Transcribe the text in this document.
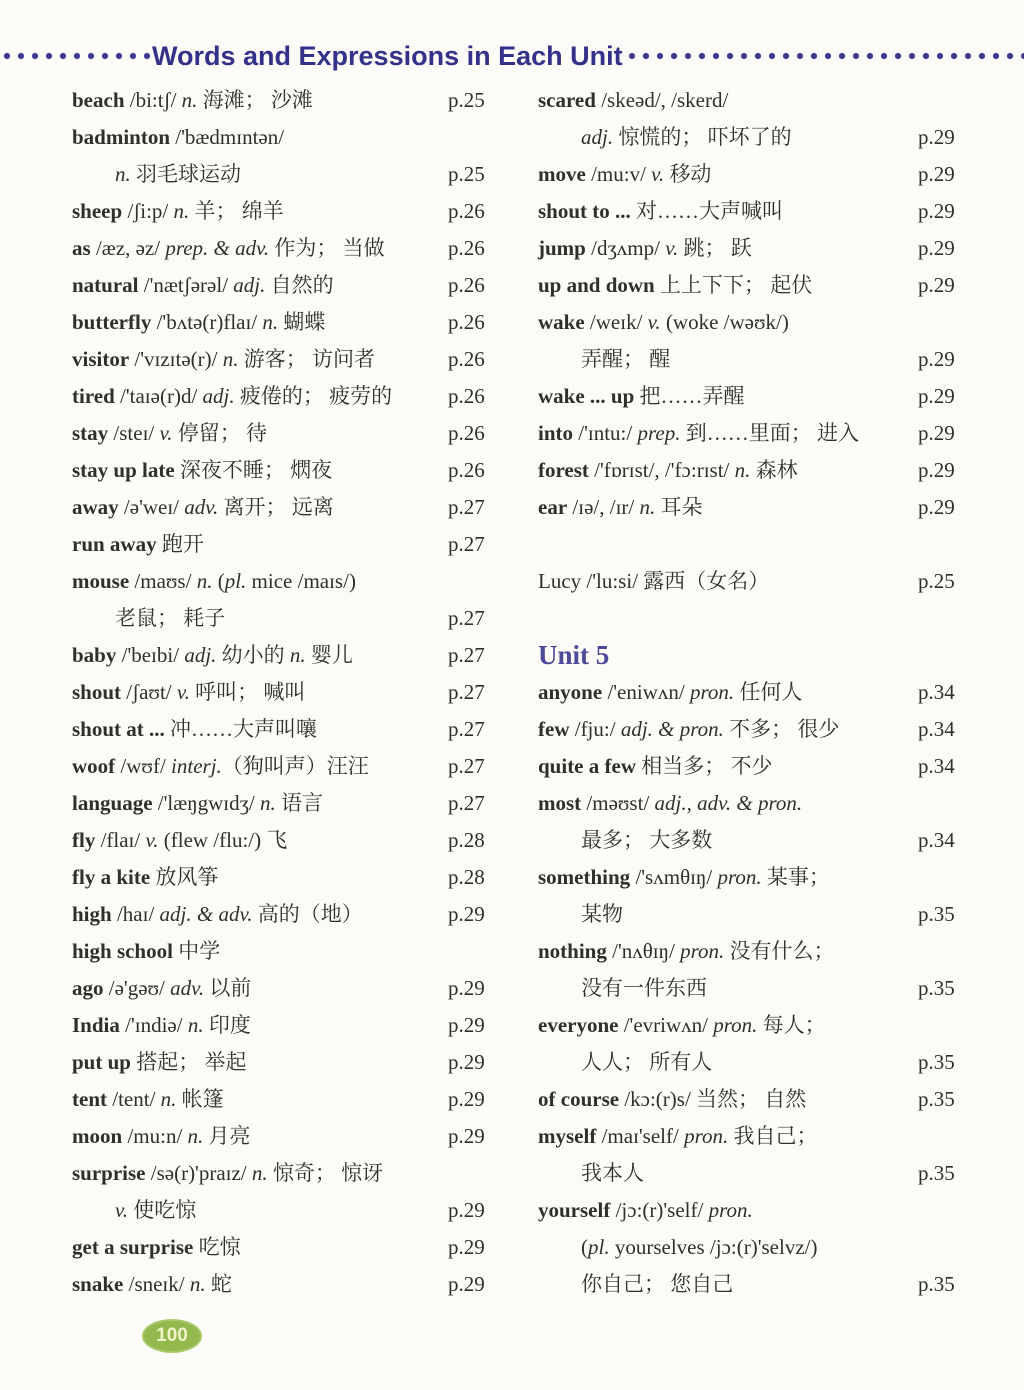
Words and Expressions in Each Unit
beach /bi:tʃ/ n. 海滩； 沙滩	p.25
badminton /'bædmɪntən/
n. 羽毛球运动	p.25
sheep /ʃi:p/ n. 羊； 绵羊	p.26
as /æz, əz/ prep. & adv. 作为； 当做	p.26
natural /'nætʃərəl/ adj. 自然的	p.26
butterfly /'bʌtə(r)flaɪ/ n. 蝴蝶	p.26
visitor /'vɪzɪtə(r)/ n. 游客； 访问者	p.26
tired /'taɪə(r)d/ adj. 疲倦的； 疲劳的	p.26
stay /steɪ/ v. 停留； 待	p.26
stay up late 深夜不睡； 熌夜	p.26
away /ə'weɪ/ adv. 离开； 远离	p.27
run away 跑开	p.27
mouse /maʊs/ n. (pl. mice /maɪs/)
老鼠； 耗子	p.27
baby /'beɪbi/ adj. 幼小的 n. 婴儿	p.27
shout /ʃaʊt/ v. 呼叫； 喊叫	p.27
shout at ... 冲……大声叫嚷	p.27
woof /wʊf/ interj.（狗叫声）汪汪	p.27
language /'læŋgwɪdʒ/ n. 语言	p.27
fly /flaɪ/ v. (flew /flu:/) 飞	p.28
fly a kite 放风筝	p.28
high /haɪ/ adj. & adv. 高的（地）	p.29
high school 中学
ago /ə'gəʊ/ adv. 以前	p.29
India /'ɪndiə/ n. 印度	p.29
put up 搭起； 举起	p.29
tent /tent/ n. 帐篷	p.29
moon /mu:n/ n. 月亮	p.29
surprise /sə(r)'praɪz/ n. 惊奇； 惊讶
v. 使吃惊	p.29
get a surprise 吃惊	p.29
snake /sneɪk/ n. 蛇	p.29
scared /skeəd/, /skerd/
adj. 惊慌的； 吓坏了的	p.29
move /mu:v/ v. 移动	p.29
shout to ... 对……大声喊叫	p.29
jump /dʒʌmp/ v. 跳； 跃	p.29
up and down 上上下下； 起伏	p.29
wake /weɪk/ v. (woke /wəʊk/)
弄醒； 醒	p.29
wake ... up 把……弄醒	p.29
into /'ɪntu:/ prep. 到……里面； 进入	p.29
forest /'fɒrɪst/, /'fɔ:rɪst/ n. 森林	p.29
ear /ɪə/, /ɪr/ n. 耳朵	p.29
Lucy /'lu:si/ 露西（女名）	p.25
Unit 5
anyone /'eniwʌn/ pron. 任何人	p.34
few /fju:/ adj. & pron. 不多； 很少	p.34
quite a few 相当多； 不少	p.34
most /məʊst/ adj., adv. & pron.
最多； 大多数	p.34
something /'sʌmθɪŋ/ pron. 某事；
某物	p.35
nothing /'nʌθɪŋ/ pron. 没有什么；
没有一件东西	p.35
everyone /'evriwʌn/ pron. 每人；
人人； 所有人	p.35
of course /kɔ:(r)s/ 当然； 自然	p.35
myself /maɪ'self/ pron. 我自己；
我本人	p.35
yourself /jɔ:(r)'self/ pron.
(pl. yourselves /jɔ:(r)'selvz/)
你自己； 您自己	p.35
100
